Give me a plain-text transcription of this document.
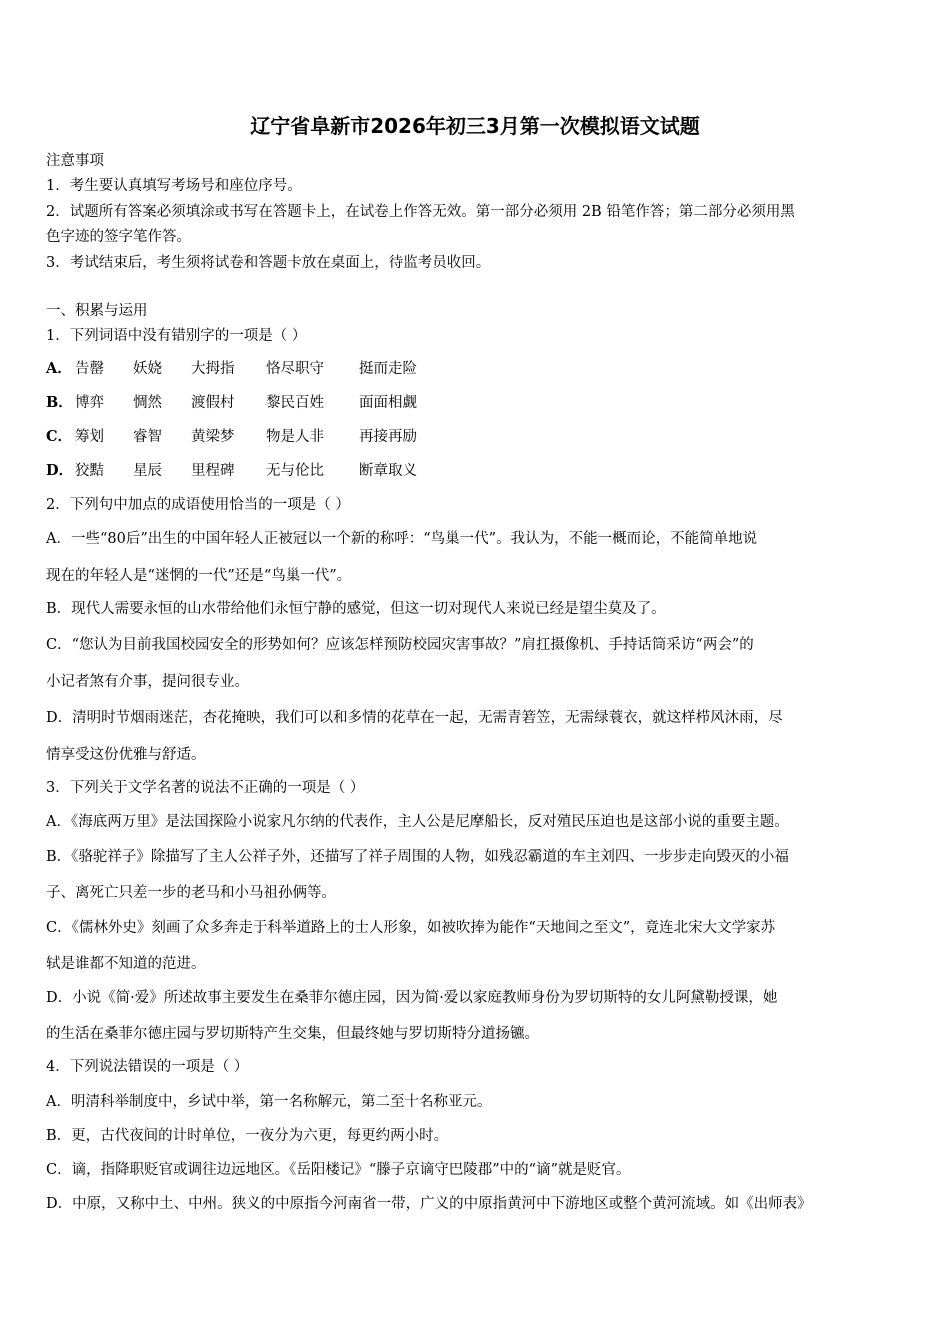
辽宁省阜新市2026年初三3月第一次模拟语文试题
注意事项
1．考生要认真填写考场号和座位序号。
2．试题所有答案必须填涂或书写在答题卡上，在试卷上作答无效。第一部分必须用 2B 铅笔作答；第二部分必须用黑
色字迹的签字笔作答。
3．考试结束后，考生须将试卷和答题卡放在桌面上，待监考员收回。
一、积累与运用
1．下列词语中没有错别字的一项是（ ）
A． 告罄	妖娆	大拇指	恪尽职守	挺而走险
B． 博弈	惆然	渡假村	黎民百姓	面面相觑
C． 筹划	睿智	黄梁梦	物是人非	再接再励
D． 狡黠	星辰	里程碑	无与伦比	断章取义
2．下列句中加点的成语使用恰当的一项是（ ）
A．一些“80后”出生的中国年轻人正被冠以一个新的称呼：“鸟巢一代”。我认为，不能一概而论，不能简单地说
现在的年轻人是“迷惘的一代”还是“鸟巢一代”。
B．现代人需要永恒的山水带给他们永恒宁静的感觉，但这一切对现代人来说已经是望尘莫及了。
C．“您认为目前我国校园安全的形势如何？应该怎样预防校园灾害事故？”肩扛摄像机、手持话筒采访“两会”的
小记者煞有介事，提问很专业。
D．清明时节烟雨迷茫，杏花掩映，我们可以和多情的花草在一起，无需青箬笠，无需绿蓑衣，就这样栉风沐雨，尽
情享受这份优雅与舒适。
3．下列关于文学名著的说法不正确的一项是（ ）
A．《海底两万里》是法国探险小说家凡尔纳的代表作，主人公是尼摩船长，反对殖民压迫也是这部小说的重要主题。
B．《骆驼祥子》除描写了主人公祥子外，还描写了祥子周围的人物，如残忍霸道的车主刘四、一步步走向毁灭的小福
子、离死亡只差一步的老马和小马祖孙俩等。
C．《儒林外史》刻画了众多奔走于科举道路上的士人形象，如被吹捧为能作“天地间之至文”，竟连北宋大文学家苏
轼是谁都不知道的范进。
D．小说《简·爱》所述故事主要发生在桑菲尔德庄园，因为简·爱以家庭教师身份为罗切斯特的女儿阿黛勒授课，她
的生活在桑菲尔德庄园与罗切斯特产生交集，但最终她与罗切斯特分道扬镳。
4．下列说法错误的一项是（ ）
A．明清科举制度中，乡试中举，第一名称解元，第二至十名称亚元。
B．更，古代夜间的计时单位，一夜分为六更，每更约两小时。
C．谪，指降职贬官或调往边远地区。《岳阳楼记》“滕子京谪守巴陵郡”中的“谪”就是贬官。
D．中原，又称中土、中州。狭义的中原指今河南省一带，广义的中原指黄河中下游地区或整个黄河流域。如《出师表》
